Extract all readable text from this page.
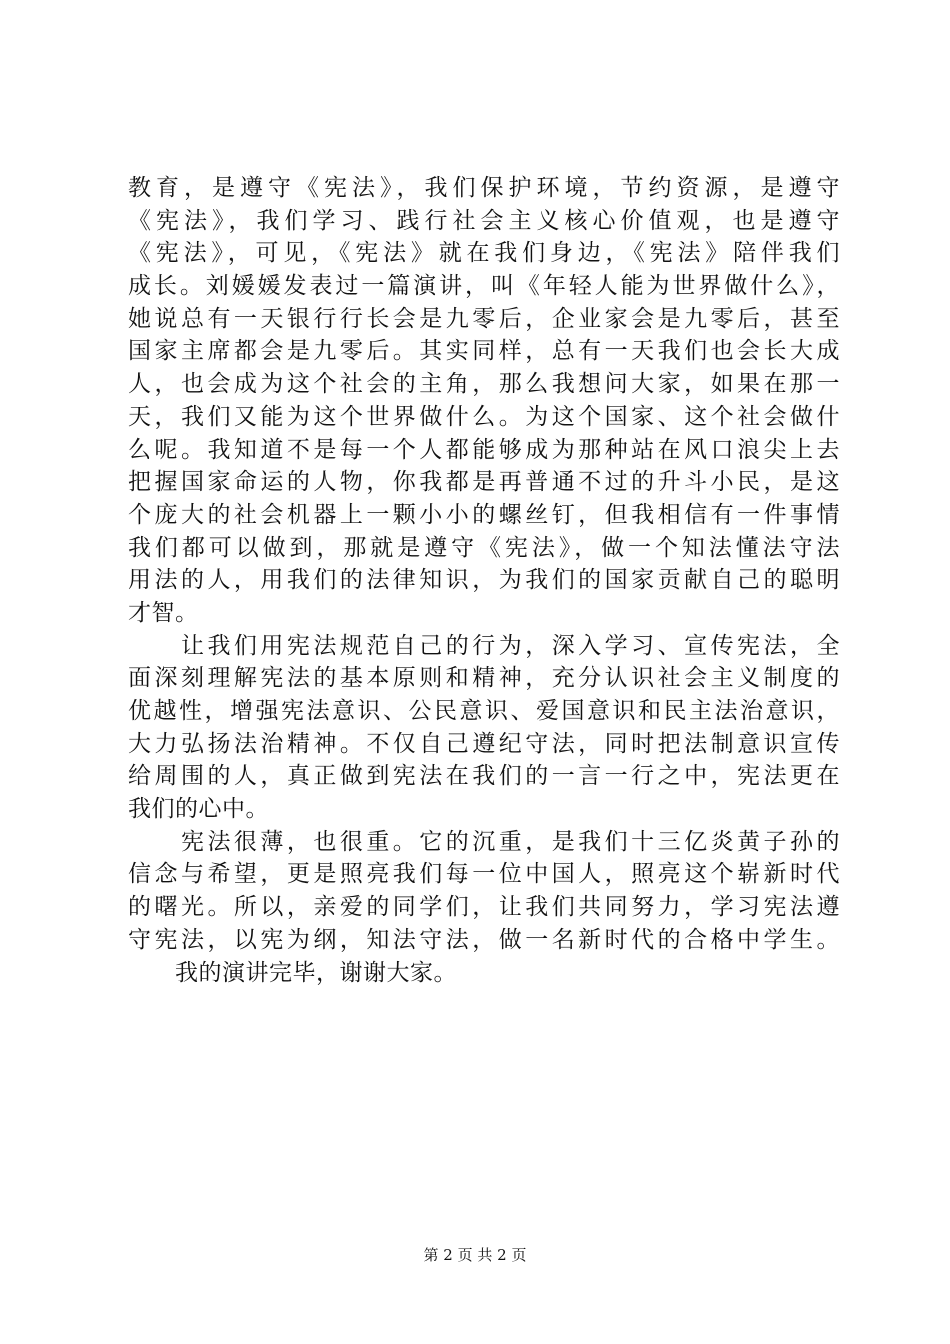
教育，是遵守《宪法》，我们保护环境，节约资源，是遵守
《宪法》，我们学习、践行社会主义核心价值观，也是遵守
《宪法》，可见，《宪法》就在我们身边，《宪法》陪伴我们
成长。刘媛媛发表过一篇演讲，叫《年轻人能为世界做什么》，
她说总有一天银行行长会是九零后，企业家会是九零后，甚至
国家主席都会是九零后。其实同样，总有一天我们也会长大成
人，也会成为这个社会的主角，那么我想问大家，如果在那一
天，我们又能为这个世界做什么。为这个国家、这个社会做什
么呢。我知道不是每一个人都能够成为那种站在风口浪尖上去
把握国家命运的人物，你我都是再普通不过的升斗小民，是这
个庞大的社会机器上一颗小小的螺丝钉，但我相信有一件事情
我们都可以做到，那就是遵守《宪法》，做一个知法懂法守法
用法的人，用我们的法律知识，为我们的国家贡献自己的聪明
才智。
　　让我们用宪法规范自己的行为，深入学习、宣传宪法，全
面深刻理解宪法的基本原则和精神，充分认识社会主义制度的
优越性，增强宪法意识、公民意识、爱国意识和民主法治意识，
大力弘扬法治精神。不仅自己遵纪守法，同时把法制意识宣传
给周围的人，真正做到宪法在我们的一言一行之中，宪法更在
我们的心中。
　　宪法很薄，也很重。它的沉重，是我们十三亿炎黄子孙的
信念与希望，更是照亮我们每一位中国人，照亮这个崭新时代
的曙光。所以，亲爱的同学们，让我们共同努力，学习宪法遵
守宪法，以宪为纲，知法守法，做一名新时代的合格中学生。
　　我的演讲完毕，谢谢大家。
第 2 页 共 2 页
